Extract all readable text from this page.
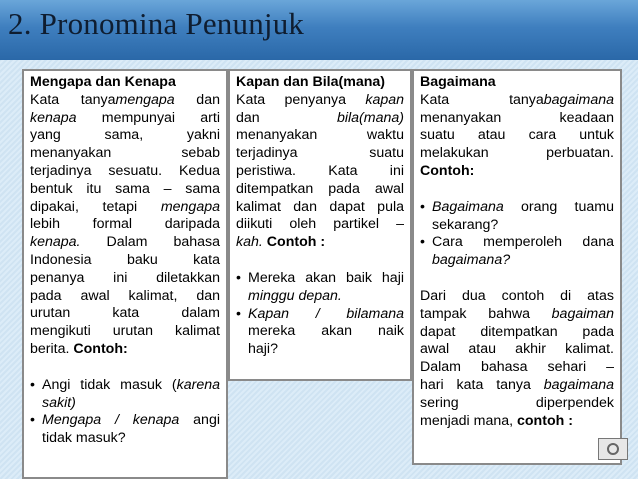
2. Pronomina Penunjuk
Mengapa dan Kenapa
Kata tanyamengapa dan
kenapa mempunyai arti
yang sama, yakni
menanyakan sebab
terjadinya sesuatu. Kedua
bentuk itu sama – sama
dipakai, tetapi mengapa
lebih formal daripada
kenapa. Dalam bahasa
Indonesia baku kata
penanya ini diletakkan
pada awal kalimat, dan
urutan kata dalam
mengikuti urutan kalimat
berita. Contoh:
• Angi tidak masuk (karena
sakit)
• Mengapa / kenapa angi
tidak masuk?
Kapan dan Bila(mana)
Kata penyanya kapan
dan bila(mana)
menanyakan waktu
terjadinya suatu
peristiwa. Kata ini
ditempatkan pada awal
kalimat dan dapat pula
diikuti oleh partikel –
kah. Contoh :
• Mereka akan baik haji
minggu depan.
• Kapan / bilamana
mereka akan naik
haji?
Bagaimana
Kata tanyabagaimana
menanyakan keadaan
suatu atau cara untuk
melakukan perbuatan.
Contoh:
• Bagaimana orang tuamu
sekarang?
• Cara memperoleh dana
bagaimana?
Dari dua contoh di atas
tampak bahwa bagaiman
dapat ditempatkan pada
awal atau akhir kalimat.
Dalam bahasa sehari –
hari kata tanya bagaimana
sering diperpendek
menjadi mana, contoh :
